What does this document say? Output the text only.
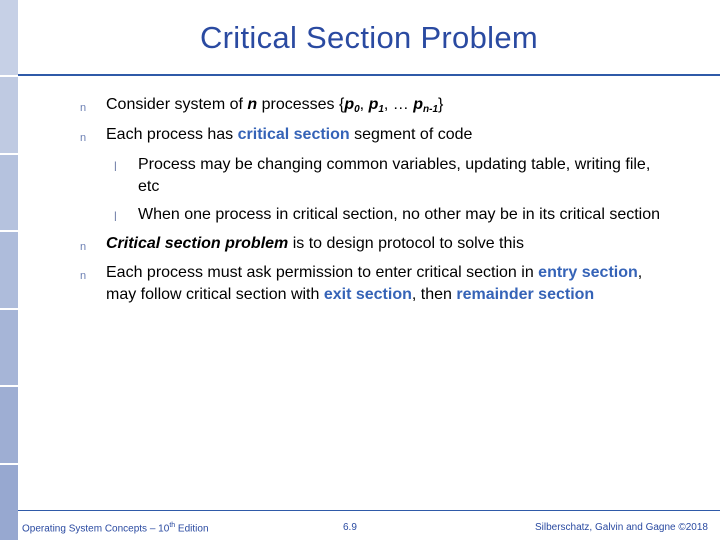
Critical Section Problem
n Consider system of n processes {$p_0$, $p_1$, … $p_{n-1}$}
n Each process has critical section segment of code
l Process may be changing common variables, updating table, writing file, etc
l When one process in critical section, no other may be in its critical section
n Critical section problem is to design protocol to solve this
n Each process must ask permission to enter critical section in entry section, may follow critical section with exit section, then remainder section
Operating System Concepts – 10th Edition	6.9	Silberschatz, Galvin and Gagne ©2018
